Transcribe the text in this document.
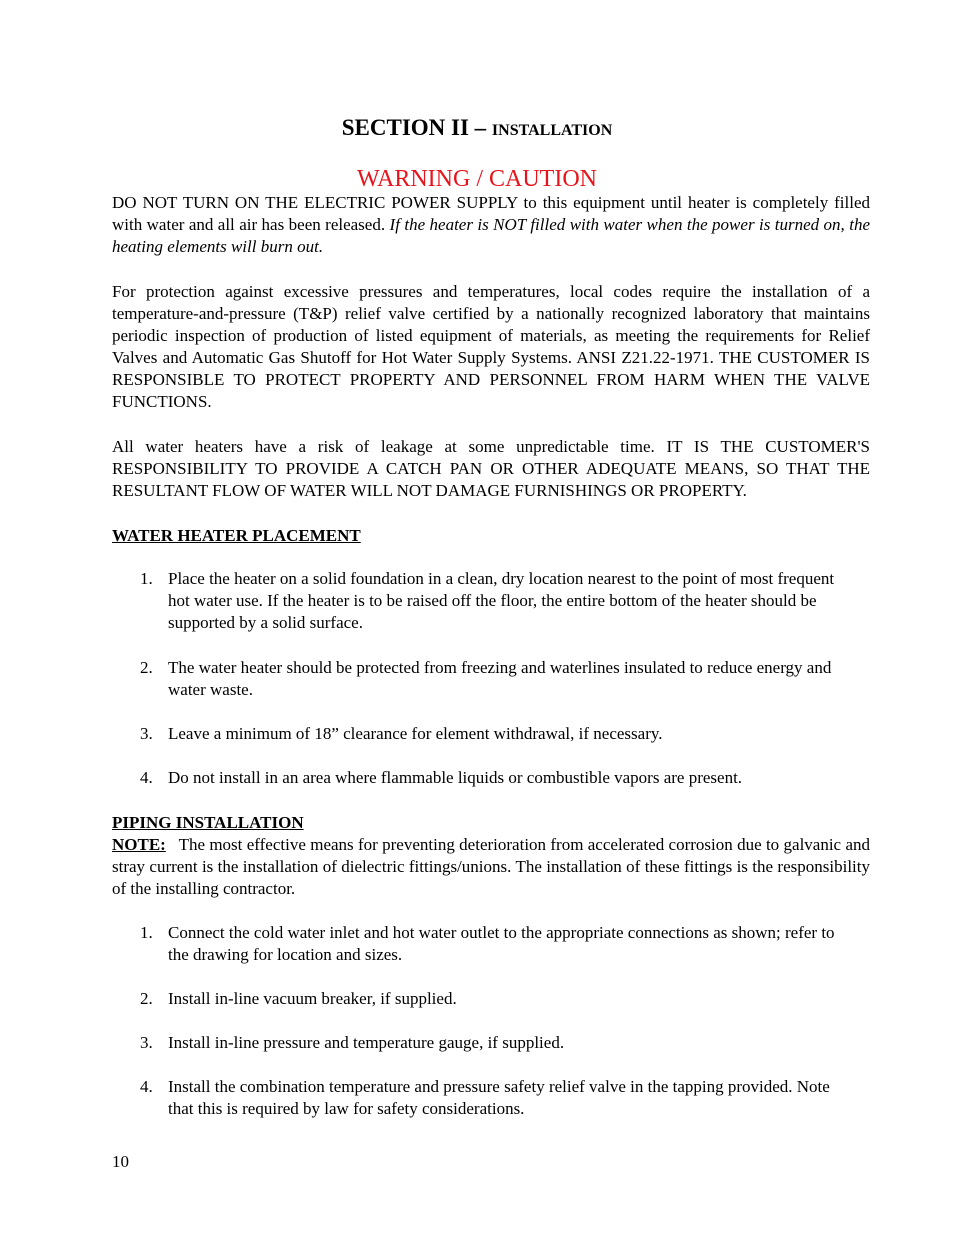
SECTION II – INSTALLATION
WARNING / CAUTION

DO NOT TURN ON THE ELECTRIC POWER SUPPLY to this equipment until heater is completely filled with water and all air has been released. If the heater is NOT filled with water when the power is turned on, the heating elements will burn out.

For protection against excessive pressures and temperatures, local codes require the installation of a temperature-and-pressure (T&P) relief valve certified by a nationally recognized laboratory that maintains periodic inspection of production of listed equipment of materials, as meeting the requirements for Relief Valves and Automatic Gas Shutoff for Hot Water Supply Systems. ANSI Z21.22-1971. THE CUSTOMER IS RESPONSIBLE TO PROTECT PROPERTY AND PERSONNEL FROM HARM WHEN THE VALVE FUNCTIONS.

All water heaters have a risk of leakage at some unpredictable time. IT IS THE CUSTOMER'S RESPONSIBILITY TO PROVIDE A CATCH PAN OR OTHER ADEQUATE MEANS, SO THAT THE RESULTANT FLOW OF WATER WILL NOT DAMAGE FURNISHINGS OR PROPERTY.

WATER HEATER PLACEMENT
1. Place the heater on a solid foundation in a clean, dry location nearest to the point of most frequent hot water use. If the heater is to be raised off the floor, the entire bottom of the heater should be supported by a solid surface.
2. The water heater should be protected from freezing and waterlines insulated to reduce energy and water waste.
3. Leave a minimum of 18” clearance for element withdrawal, if necessary.
4. Do not install in an area where flammable liquids or combustible vapors are present.
PIPING INSTALLATION

NOTE: The most effective means for preventing deterioration from accelerated corrosion due to galvanic and stray current is the installation of dielectric fittings/unions. The installation of these fittings is the responsibility of the installing contractor.

1. Connect the cold water inlet and hot water outlet to the appropriate connections as shown; refer to the drawing for location and sizes.
2. Install in-line vacuum breaker, if supplied.
3. Install in-line pressure and temperature gauge, if supplied.
4. Install the combination temperature and pressure safety relief valve in the tapping provided. Note that this is required by law for safety considerations.
10
